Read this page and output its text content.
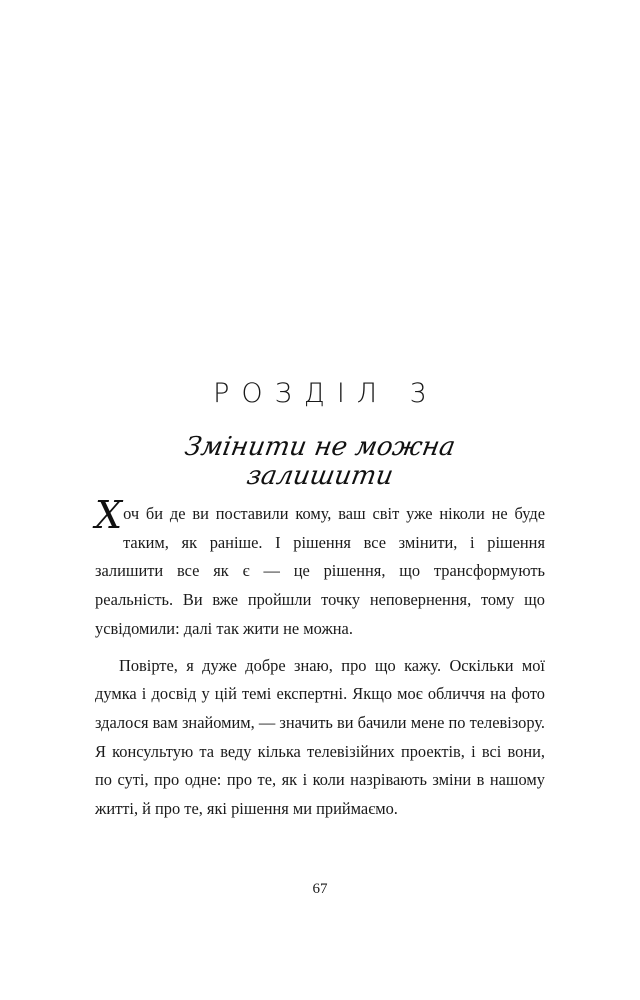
РОЗДІЛ 3
Змінити не можна
залишити

Хоч би де ви поставили кому, ваш світ уже ніколи не буде таким, як раніше. І рішення все змінити, і рішення залишити все як є — це рішення, що трансформують реальність. Ви вже пройшли точку неповернення, тому що усвідомили: далі так жити не можна.

Повірте, я дуже добре знаю, про що кажу. Оскільки мої думка і досвід у цій темі експертні. Якщо моє обличчя на фото здалося вам знайомим, — значить ви бачили мене по телевізору. Я консультую та веду кілька телевізійних проектів, і всі вони, по суті, про одне: про те, як і коли назрівають зміни в нашому житті, й про те, які рішення ми приймаємо.

67
